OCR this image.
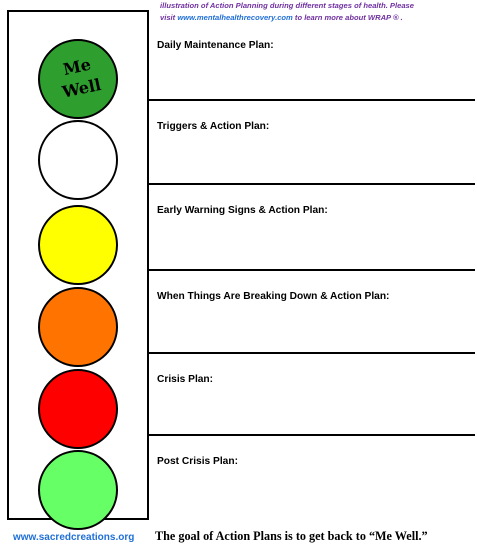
illustration of Action Planning during different stages of health. Please
visit www.mentalhealthrecovery.com to learn more about WRAP ® .
Me
Well
Daily Maintenance Plan:
Triggers & Action Plan:
Early Warning Signs & Action Plan:
When Things Are Breaking Down & Action Plan:
Crisis Plan:
Post Crisis Plan:
www.sacredcreations.org The goal of Action Plans is to get back to “Me Well.”
